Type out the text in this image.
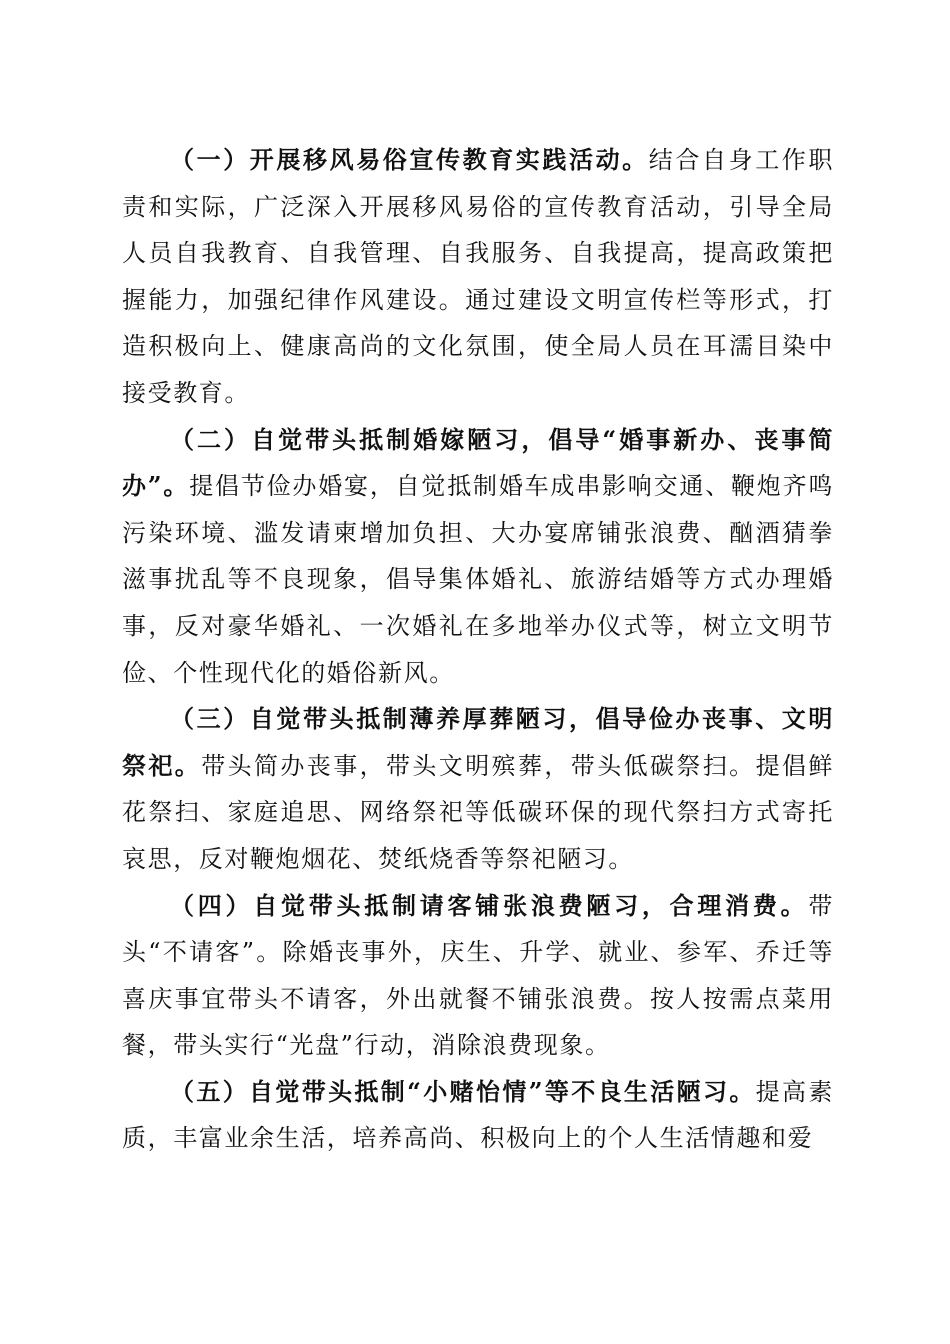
（一）开展移风易俗宣传教育实践活动。结合自身工作职责和实际，广泛深入开展移风易俗的宣传教育活动，引导全局人员自我教育、自我管理、自我服务、自我提高，提高政策把握能力，加强纪律作风建设。通过建设文明宣传栏等形式，打造积极向上、健康高尚的文化氛围，使全局人员在耳濡目染中接受教育。

（二）自觉带头抵制婚嫁陋习，倡导“婚事新办、丧事简办”。提倡节俭办婚宴，自觉抵制婚车成串影响交通、鞭炮齐鸣污染环境、滥发请柬增加负担、大办宴席铺张浪费、酗酒猜拳滋事扰乱等不良现象，倡导集体婚礼、旅游结婚等方式办理婚事，反对豪华婚礼、一次婚礼在多地举办仪式等，树立文明节俭、个性现代化的婚俗新风。

（三）自觉带头抵制薄养厚葬陋习，倡导俭办丧事、文明祭祀。带头简办丧事，带头文明殡葬，带头低碳祭扫。提倡鲜花祭扫、家庭追思、网络祭祀等低碳环保的现代祭扫方式寄托哀思，反对鞭炮烟花、焚纸烧香等祭祀陋习。

（四）自觉带头抵制请客铺张浪费陋习，合理消费。带头“不请客”。除婚丧事外，庆生、升学、就业、参军、乔迁等喜庆事宜带头不请客，外出就餐不铺张浪费。按人按需点菜用餐，带头实行“光盘”行动，消除浪费现象。

（五）自觉带头抵制“小赌怡情”等不良生活陋习。提高素质，丰富业余生活，培养高尚、积极向上的个人生活情趣和爱
